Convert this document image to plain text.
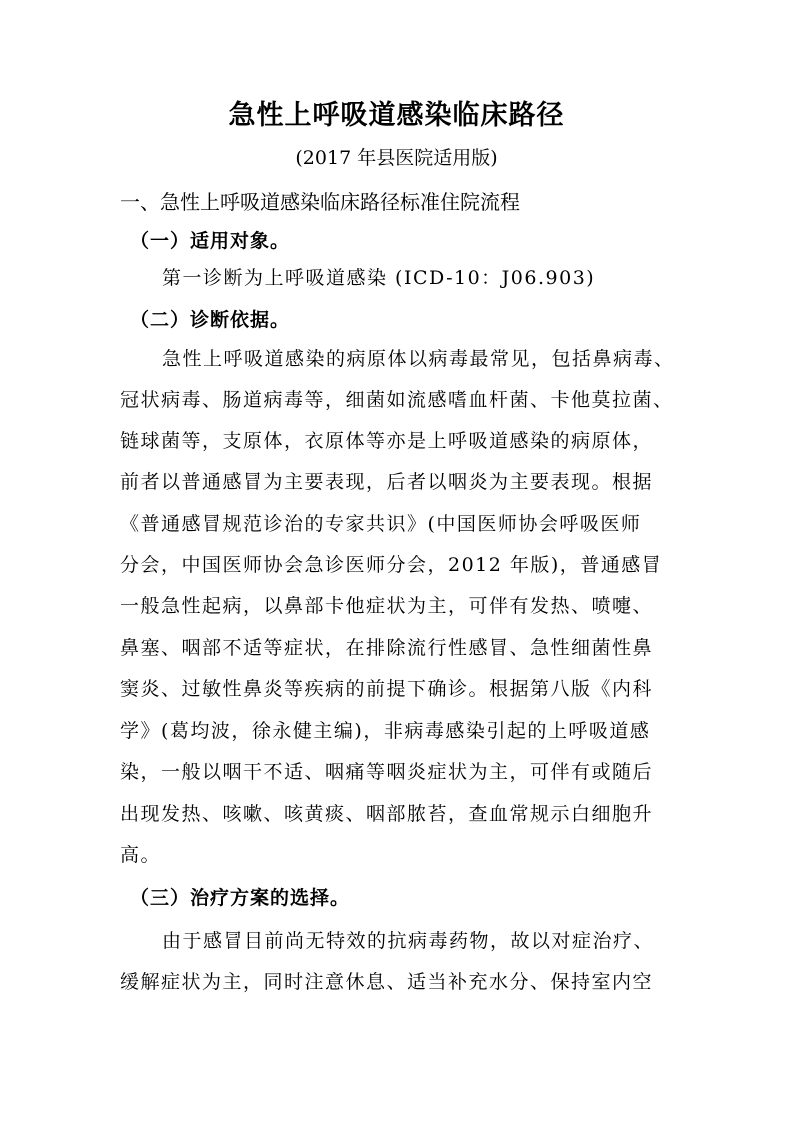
急性上呼吸道感染临床路径
(2017 年县医院适用版)
一、急性上呼吸道感染临床路径标准住院流程
（一）适用对象。
第一诊断为上呼吸道感染 (ICD-10：J06.903)
（二）诊断依据。
急性上呼吸道感染的病原体以病毒最常见，包括鼻病毒、
冠状病毒、肠道病毒等，细菌如流感嗜血杆菌、卡他莫拉菌、
链球菌等，支原体，衣原体等亦是上呼吸道感染的病原体，
前者以普通感冒为主要表现，后者以咽炎为主要表现。根据
《普通感冒规范诊治的专家共识》(中国医师协会呼吸医师
分会，中国医师协会急诊医师分会，2012 年版)，普通感冒
一般急性起病，以鼻部卡他症状为主，可伴有发热、喷嚏、
鼻塞、咽部不适等症状，在排除流行性感冒、急性细菌性鼻
窦炎、过敏性鼻炎等疾病的前提下确诊。根据第八版《内科
学》(葛均波，徐永健主编)，非病毒感染引起的上呼吸道感
染，一般以咽干不适、咽痛等咽炎症状为主，可伴有或随后
出现发热、咳嗽、咳黄痰、咽部脓苔，查血常规示白细胞升
高。
（三）治疗方案的选择。
由于感冒目前尚无特效的抗病毒药物，故以对症治疗、
缓解症状为主，同时注意休息、适当补充水分、保持室内空
